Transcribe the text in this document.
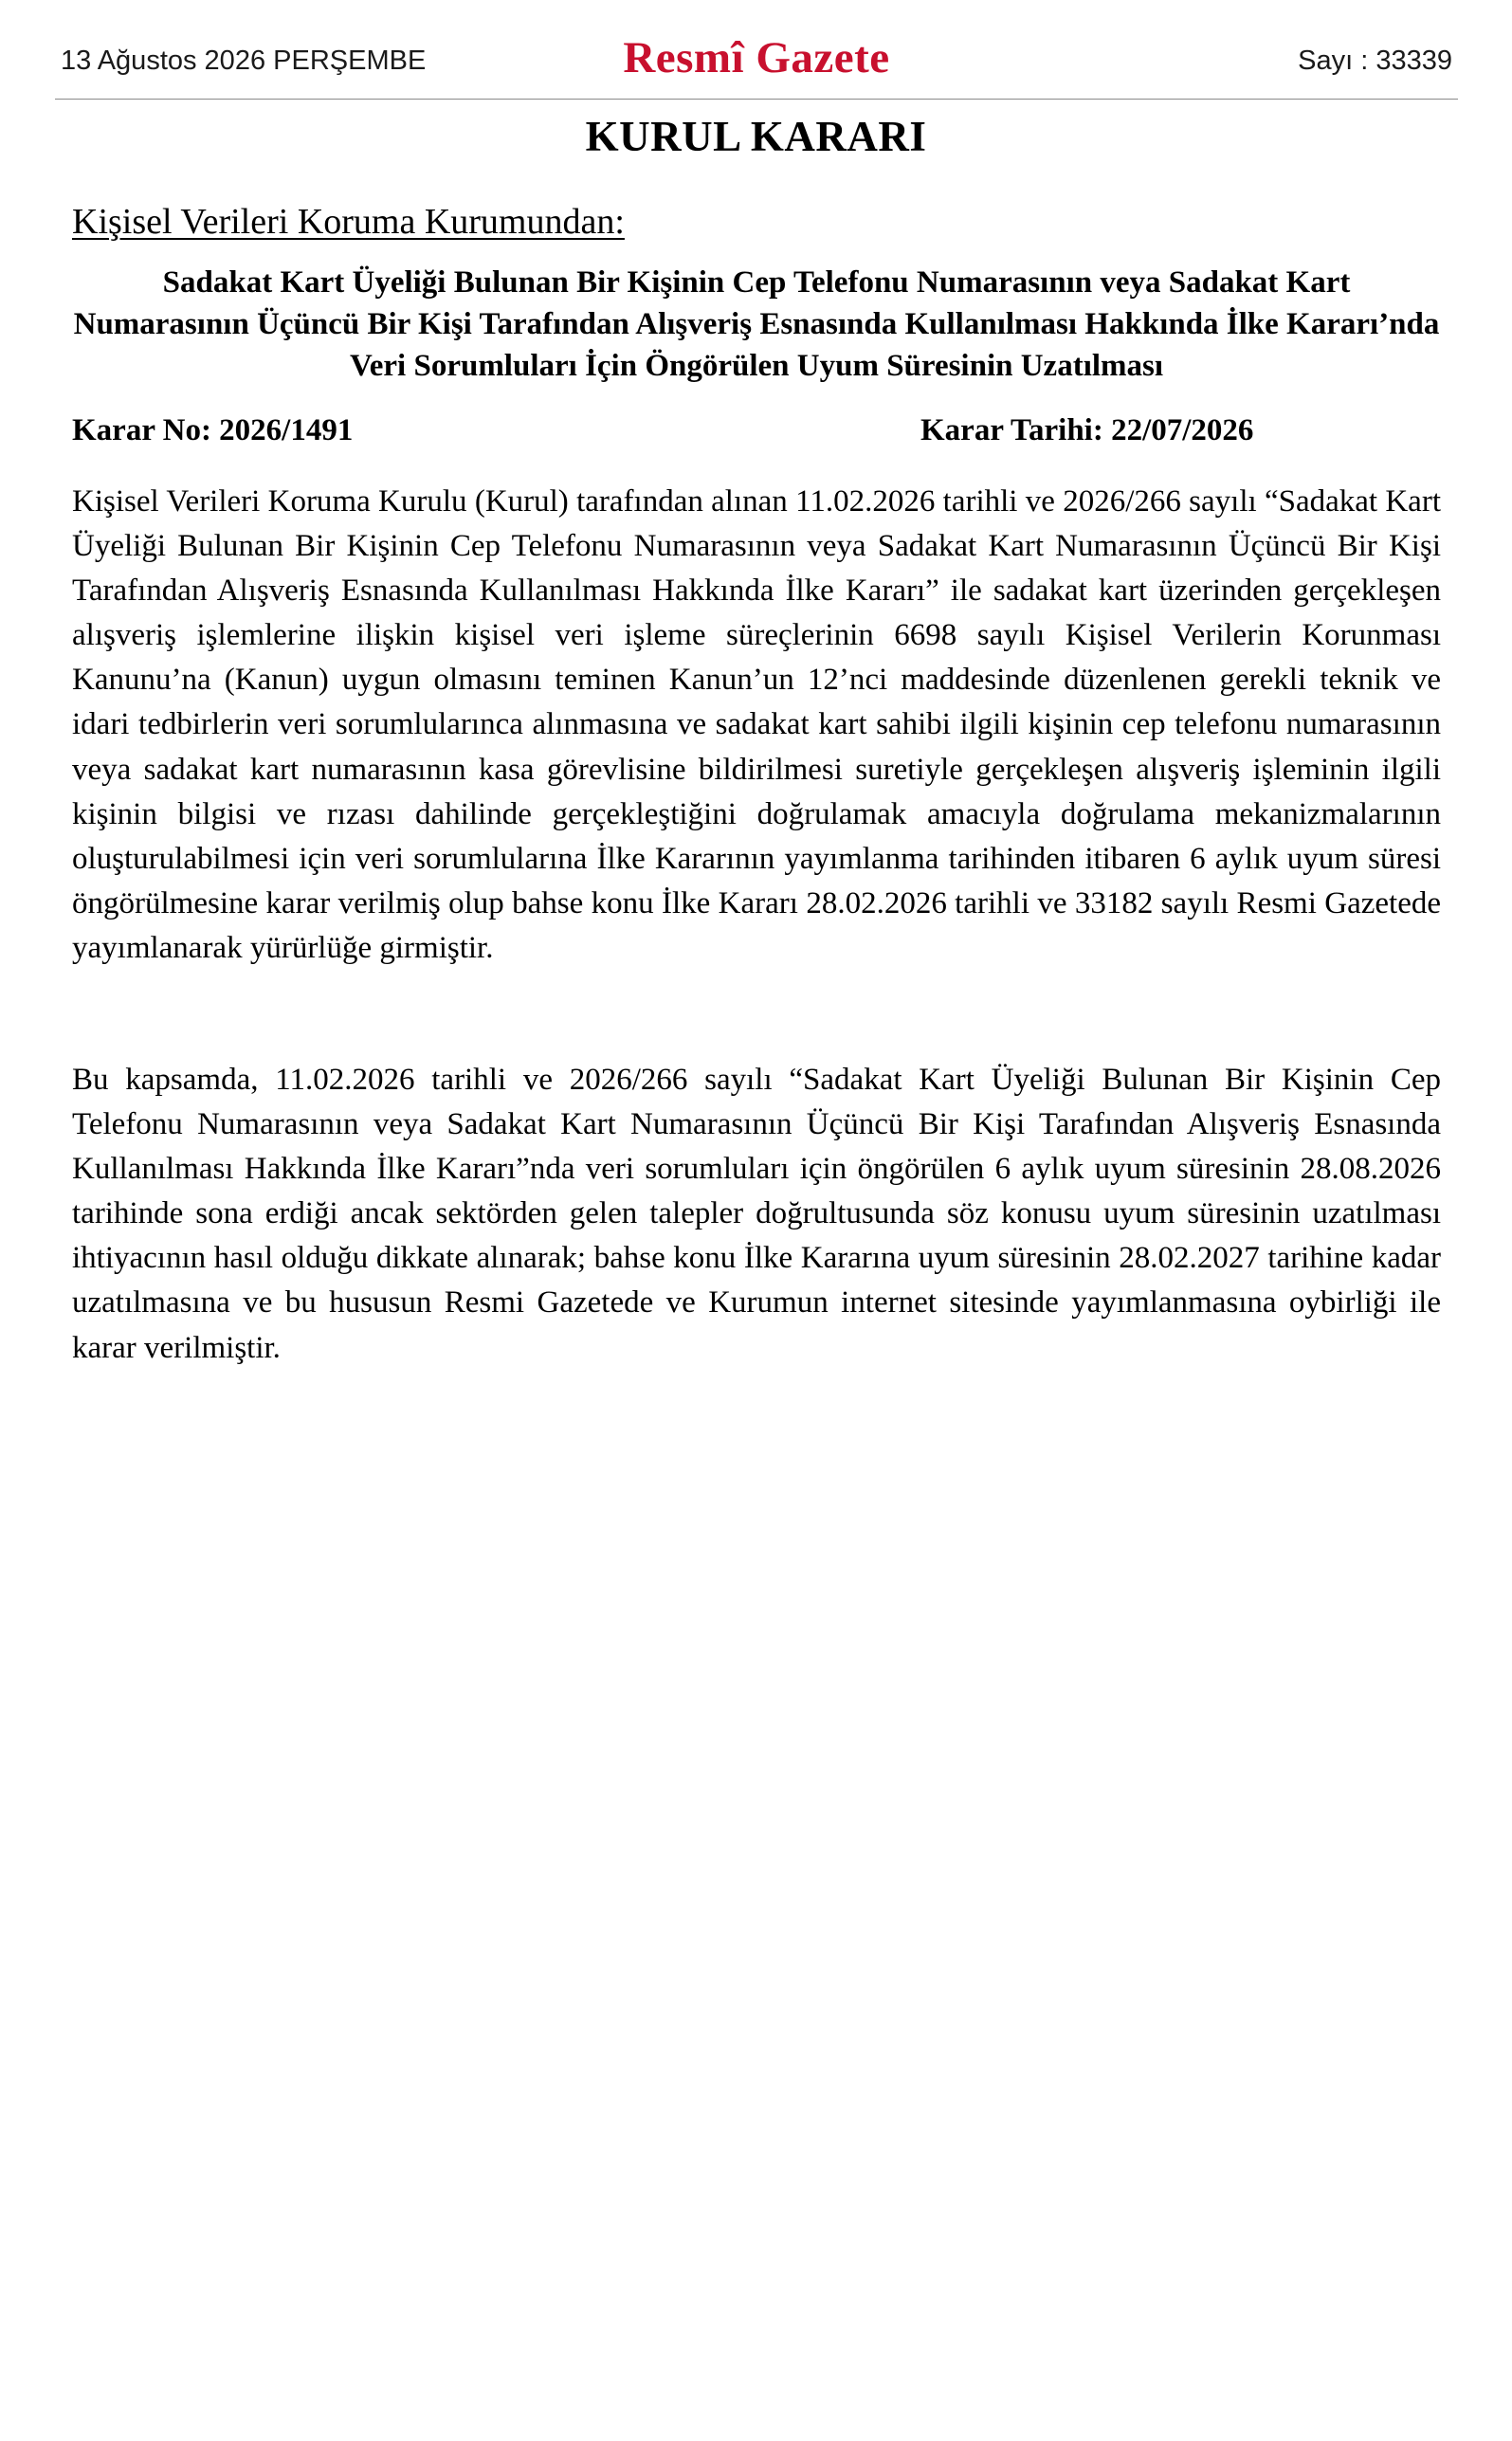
13 Ağustos 2026 PERŞEMBE	Resmî Gazete	Sayı : 33339
KURUL KARARI
Kişisel Verileri Koruma Kurumundan:
Sadakat Kart Üyeliği Bulunan Bir Kişinin Cep Telefonu Numarasının veya Sadakat Kart Numarasının Üçüncü Bir Kişi Tarafından Alışveriş Esnasında Kullanılması Hakkında İlke Kararı’nda Veri Sorumluları İçin Öngörülen Uyum Süresinin Uzatılması
Karar No: 2026/1491	Karar Tarihi: 22/07/2026

Kişisel Verileri Koruma Kurulu (Kurul) tarafından alınan 11.02.2026 tarihli ve 2026/266 sayılı “Sadakat Kart Üyeliği Bulunan Bir Kişinin Cep Telefonu Numarasının veya Sadakat Kart Numarasının Üçüncü Bir Kişi Tarafından Alışveriş Esnasında Kullanılması Hakkında İlke Kararı” ile sadakat kart üzerinden gerçekleşen alışveriş işlemlerine ilişkin kişisel veri işleme süreçlerinin 6698 sayılı Kişisel Verilerin Korunması Kanunu’na (Kanun) uygun olmasını teminen Kanun’un 12’nci maddesinde düzenlenen gerekli teknik ve idari tedbirlerin veri sorumlularınca alınmasına ve sadakat kart sahibi ilgili kişinin cep telefonu numarasının veya sadakat kart numarasının kasa görevlisine bildirilmesi suretiyle gerçekleşen alışveriş işleminin ilgili kişinin bilgisi ve rızası dahilinde gerçekleştiğini doğrulamak amacıyla doğrulama mekanizmalarının oluşturulabilmesi için veri sorumlularına İlke Kararının yayımlanma tarihinden itibaren 6 aylık uyum süresi öngörülmesine karar verilmiş olup bahse konu İlke Kararı 28.02.2026 tarihli ve 33182 sayılı Resmi Gazetede yayımlanarak yürürlüğe girmiştir.

Bu kapsamda, 11.02.2026 tarihli ve 2026/266 sayılı “Sadakat Kart Üyeliği Bulunan Bir Kişinin Cep Telefonu Numarasının veya Sadakat Kart Numarasının Üçüncü Bir Kişi Tarafından Alışveriş Esnasında Kullanılması Hakkında İlke Kararı”nda veri sorumluları için öngörülen 6 aylık uyum süresinin 28.08.2026 tarihinde sona erdiği ancak sektörden gelen talepler doğrultusunda söz konusu uyum süresinin uzatılması ihtiyacının hasıl olduğu dikkate alınarak; bahse konu İlke Kararına uyum süresinin 28.02.2027 tarihine kadar uzatılmasına ve bu hususun Resmi Gazetede ve Kurumun internet sitesinde yayımlanmasına oybirliği ile karar verilmiştir.
